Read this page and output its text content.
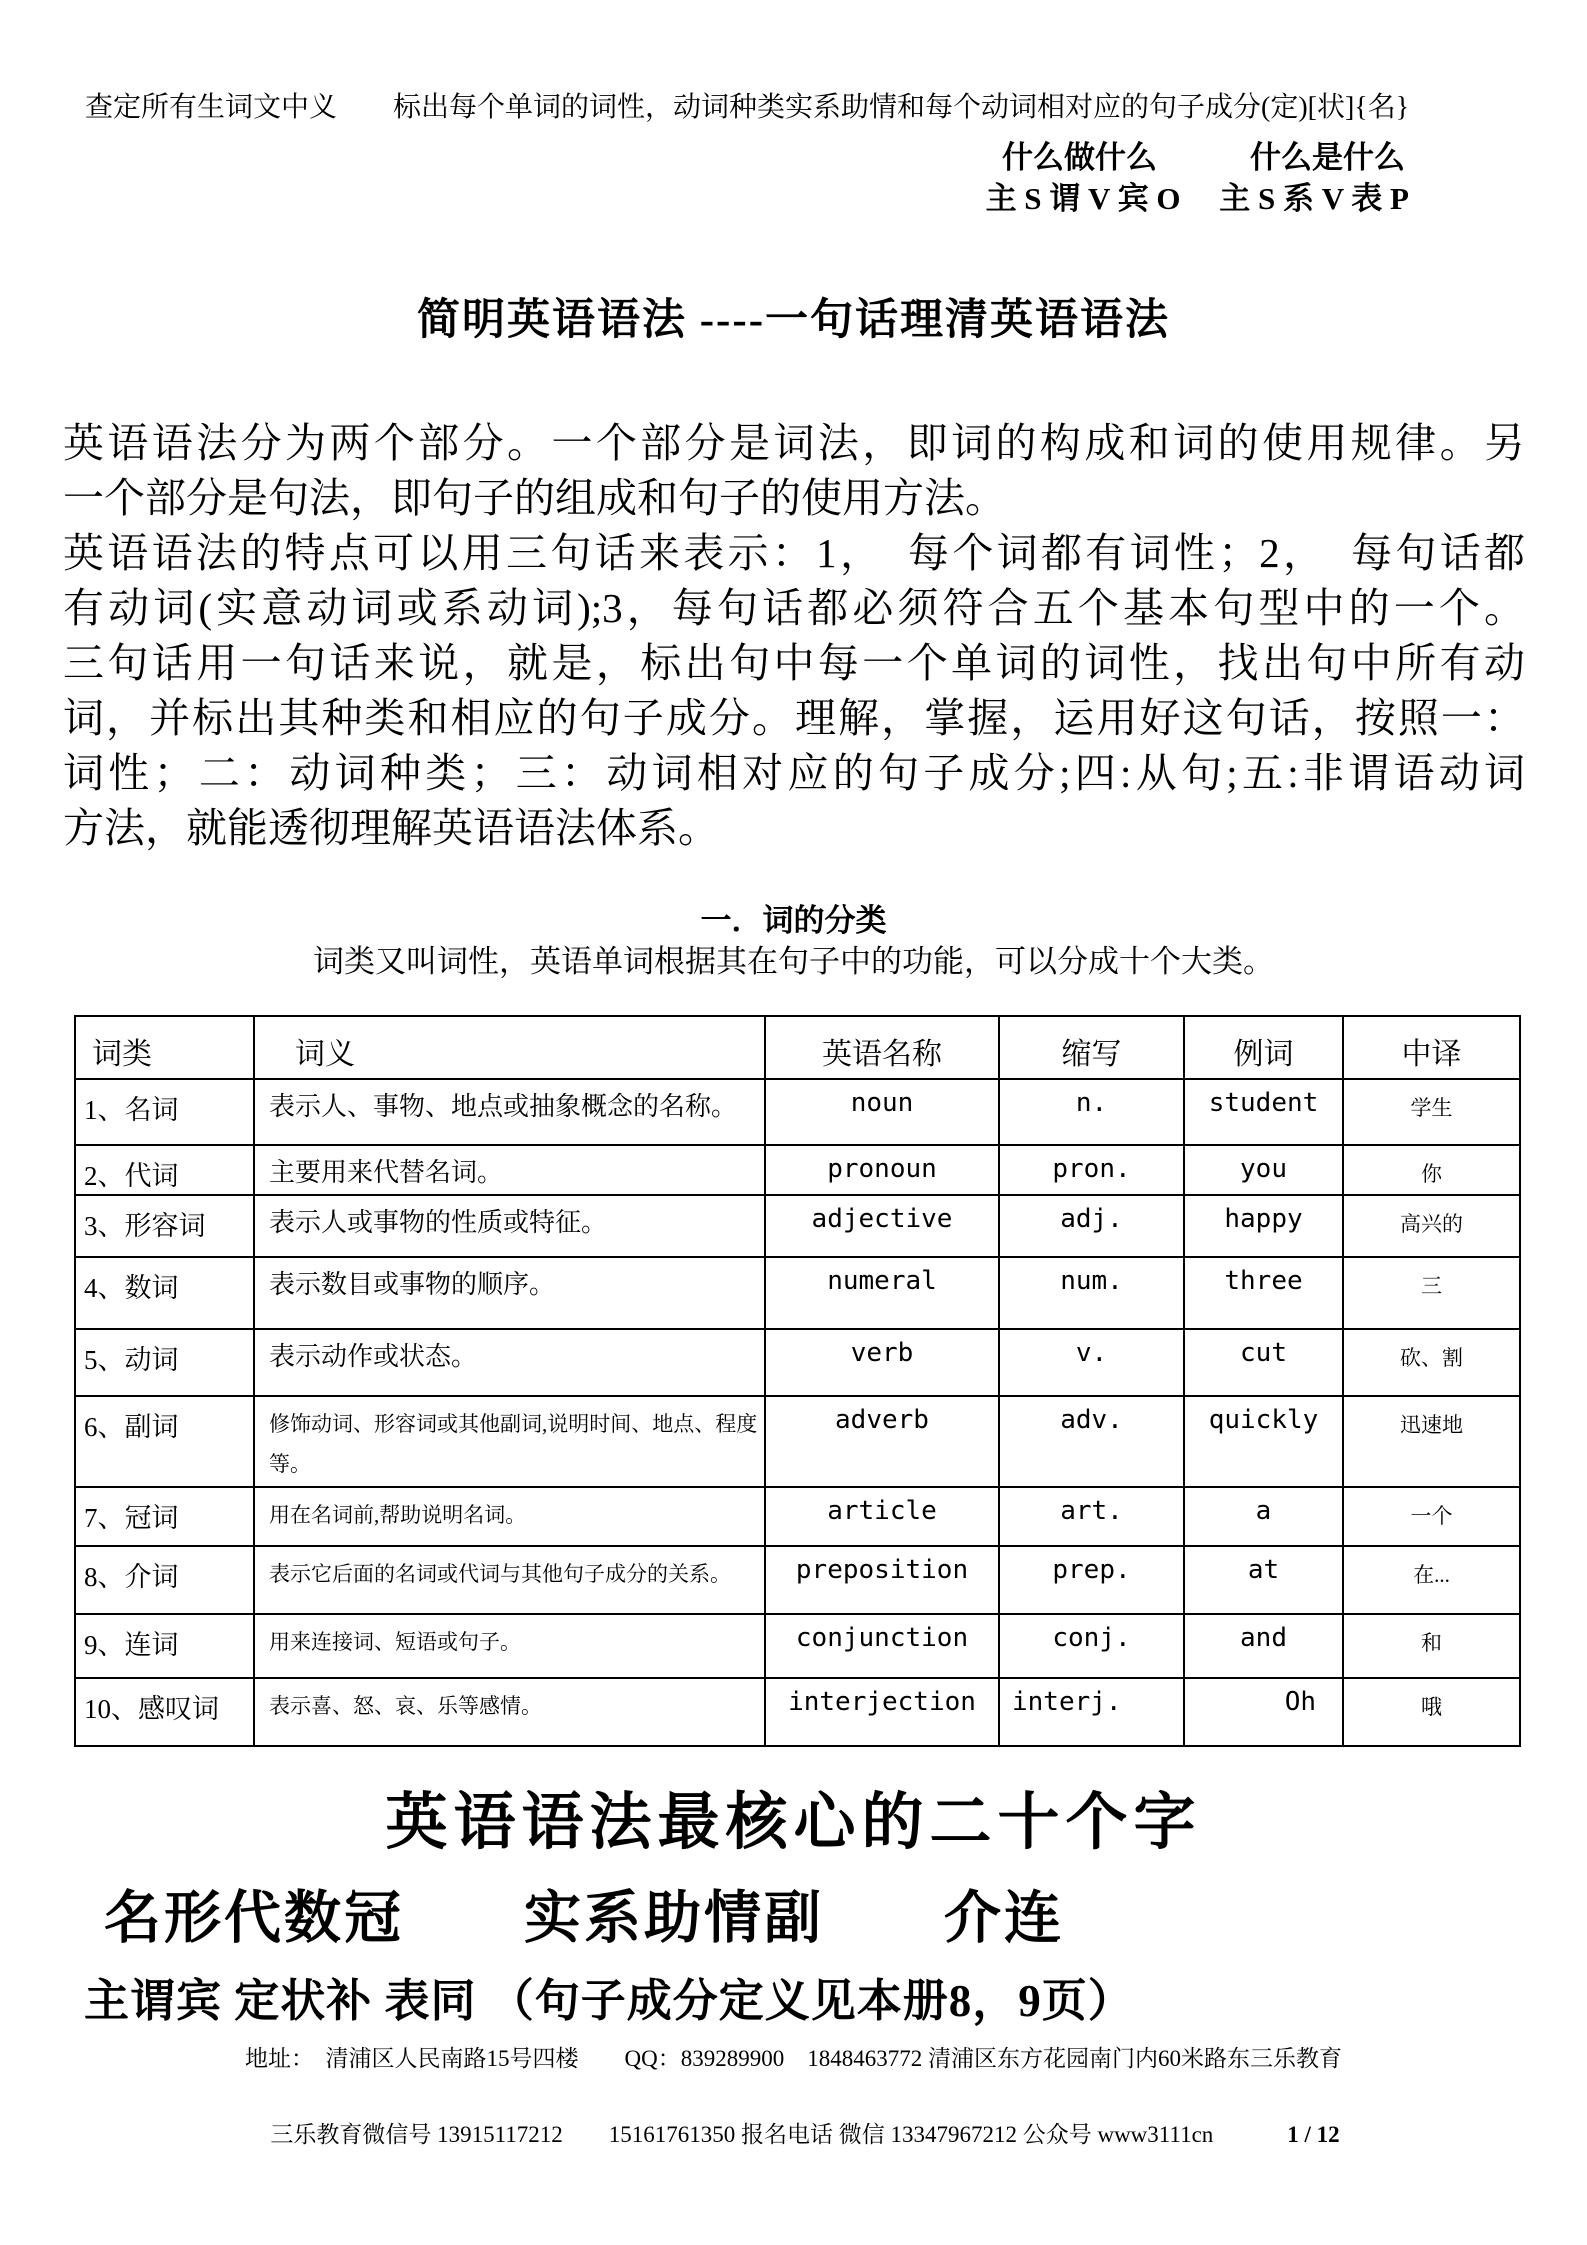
查定所有生词文中义　　标出每个单词的词性，动词种类实系助情和每个动词相对应的句子成分(定)[状]{名}
什么做什么　　　什么是什么
主 S 谓 V 宾 O　 主 S 系 V 表 P
简明英语语法 ----一句话理清英语语法
英语语法分为两个部分。一个部分是词法，即词的构成和词的使用规律。另
一个部分是句法，即句子的组成和句子的使用方法。
英语语法的特点可以用三句话来表示：1，　每个词都有词性；2，　每句话都
有动词(实意动词或系动词);3，每句话都必须符合五个基本句型中的一个。
三句话用一句话来说，就是，标出句中每一个单词的词性，找出句中所有动
词，并标出其种类和相应的句子成分。理解，掌握，运用好这句话，按照一：
词性；二：动词种类；三：动词相对应的句子成分;四:从句;五:非谓语动词
方法，就能透彻理解英语语法体系。
一．词的分类
词类又叫词性，英语单词根据其在句子中的功能，可以分成十个大类。
词类	词义	英语名称	缩写	例词	中译
1、名词	表示人、事物、地点或抽象概念的名称。	noun	n.	student	学生
2、代词	主要用来代替名词。	pronoun	pron.	you	你
3、形容词	表示人或事物的性质或特征。	adjective	adj.	happy	高兴的
4、数词	表示数目或事物的顺序。	numeral	num.	three	三
5、动词	表示动作或状态。	verb	v.	cut	砍、割
6、副词	修饰动词、形容词或其他副词,说明时间、地点、程度等。	adverb	adv.	quickly	迅速地
7、冠词	用在名词前,帮助说明名词。	article	art.	a	一个
8、介词	表示它后面的名词或代词与其他句子成分的关系。	preposition	prep.	at	在...
9、连词	用来连接词、短语或句子。	conjunction	conj.	and	和
10、感叹词	表示喜、怒、哀、乐等感情。	interjection	interj.	Oh	哦
英语语法最核心的二十个字
名形代数冠　　实系助情副　　介连
主谓宾 定状补 表同 （句子成分定义见本册8，9页）
地址：　清浦区人民南路15号四楼　　QQ：839289900　1848463772 清浦区东方花园南门内60米路东三乐教育

三乐教育微信号 13915117212　　15161761350 报名电话 微信 13347967212 公众号 www3111cn	1 / 12
